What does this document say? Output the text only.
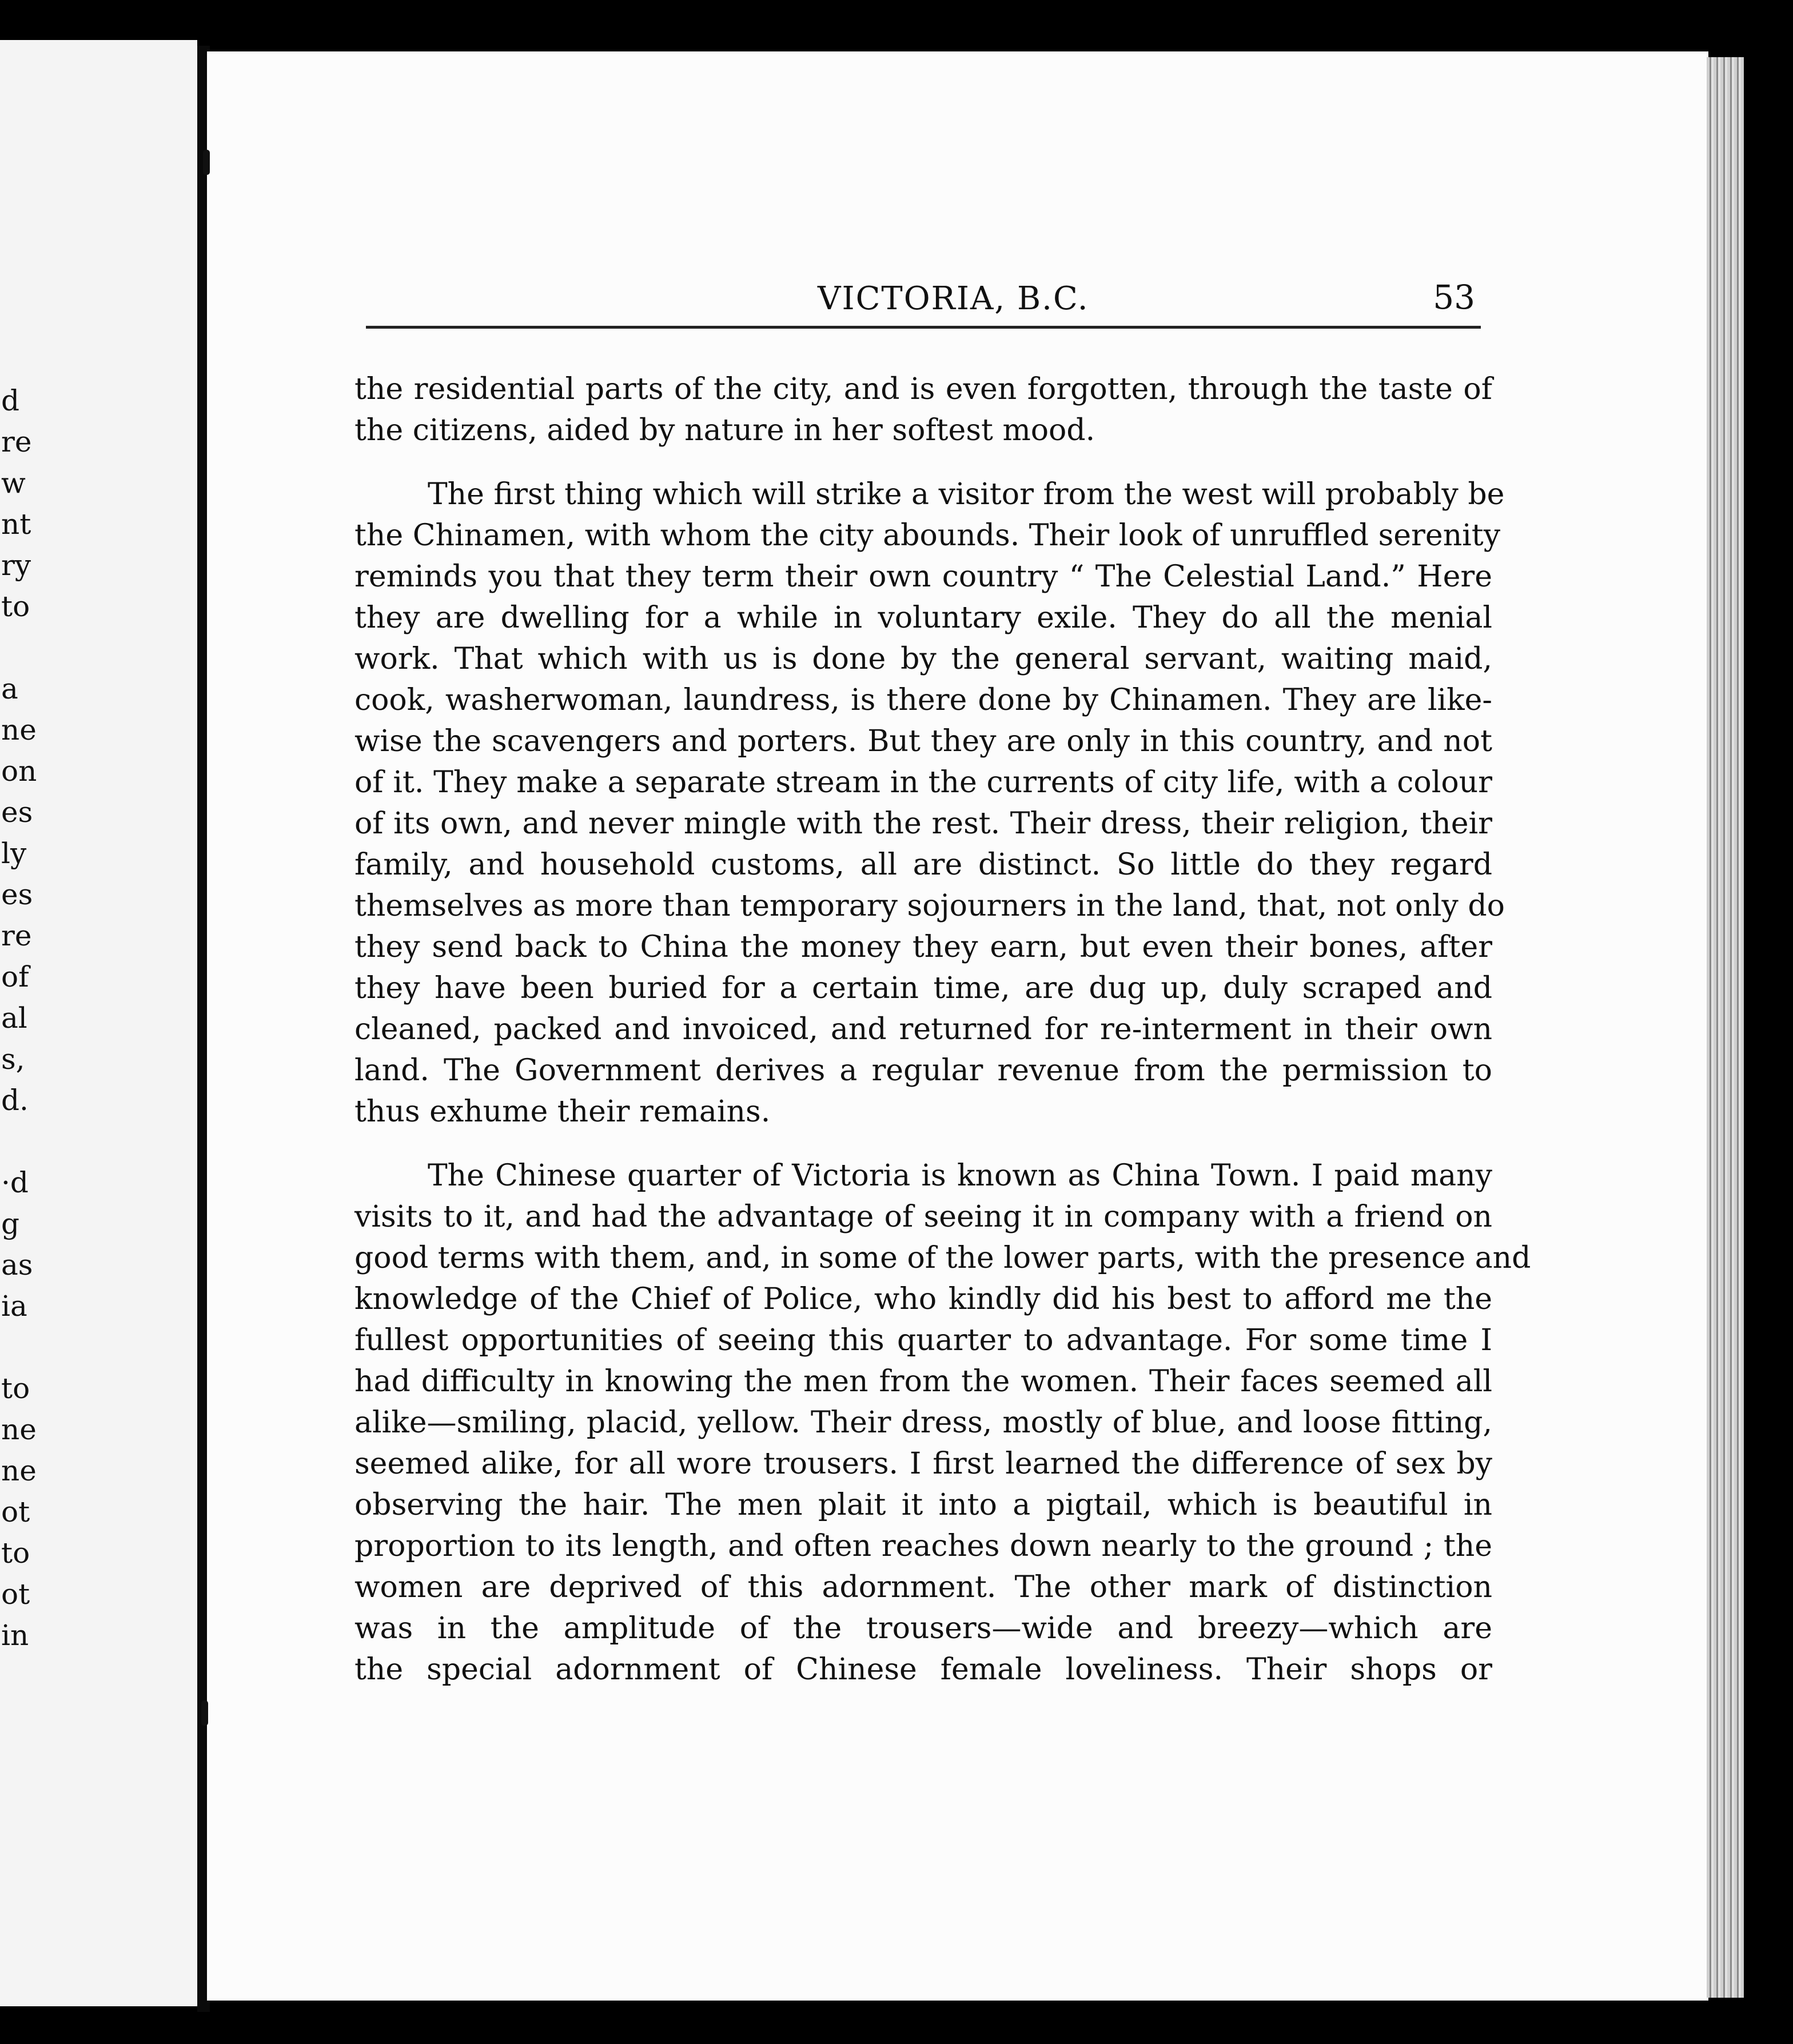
d
re
w
nt
ry
to
a
ne
on
es
ly
es
re
of
al
s,
d.
·d
g
as
ia
to
ne
ne
ot
to
ot
in
VICTORIA, B.C.	53
the residential parts of the city, and is even forgotten, through the taste of
the citizens, aided by nature in her softest mood.
The first thing which will strike a visitor from the west will probably be
the Chinamen, with whom the city abounds. Their look of unruffled serenity
reminds you that they term their own country “ The Celestial Land.” Here
they are dwelling for a while in voluntary exile. They do all the menial
work. That which with us is done by the general servant, waiting maid,
cook, washerwoman, laundress, is there done by Chinamen. They are like-
wise the scavengers and porters. But they are only in this country, and not
of it. They make a separate stream in the currents of city life, with a colour
of its own, and never mingle with the rest. Their dress, their religion, their
family, and household customs, all are distinct. So little do they regard
themselves as more than temporary sojourners in the land, that, not only do
they send back to China the money they earn, but even their bones, after
they have been buried for a certain time, are dug up, duly scraped and
cleaned, packed and invoiced, and returned for re-interment in their own
land. The Government derives a regular revenue from the permission to
thus exhume their remains.
The Chinese quarter of Victoria is known as China Town. I paid many
visits to it, and had the advantage of seeing it in company with a friend on
good terms with them, and, in some of the lower parts, with the presence and
knowledge of the Chief of Police, who kindly did his best to afford me the
fullest opportunities of seeing this quarter to advantage. For some time I
had difficulty in knowing the men from the women. Their faces seemed all
alike—smiling, placid, yellow. Their dress, mostly of blue, and loose fitting,
seemed alike, for all wore trousers. I first learned the difference of sex by
observing the hair. The men plait it into a pigtail, which is beautiful in
proportion to its length, and often reaches down nearly to the ground ; the
women are deprived of this adornment. The other mark of distinction
was in the amplitude of the trousers—wide and breezy—which are
the special adornment of Chinese female loveliness. Their shops or
